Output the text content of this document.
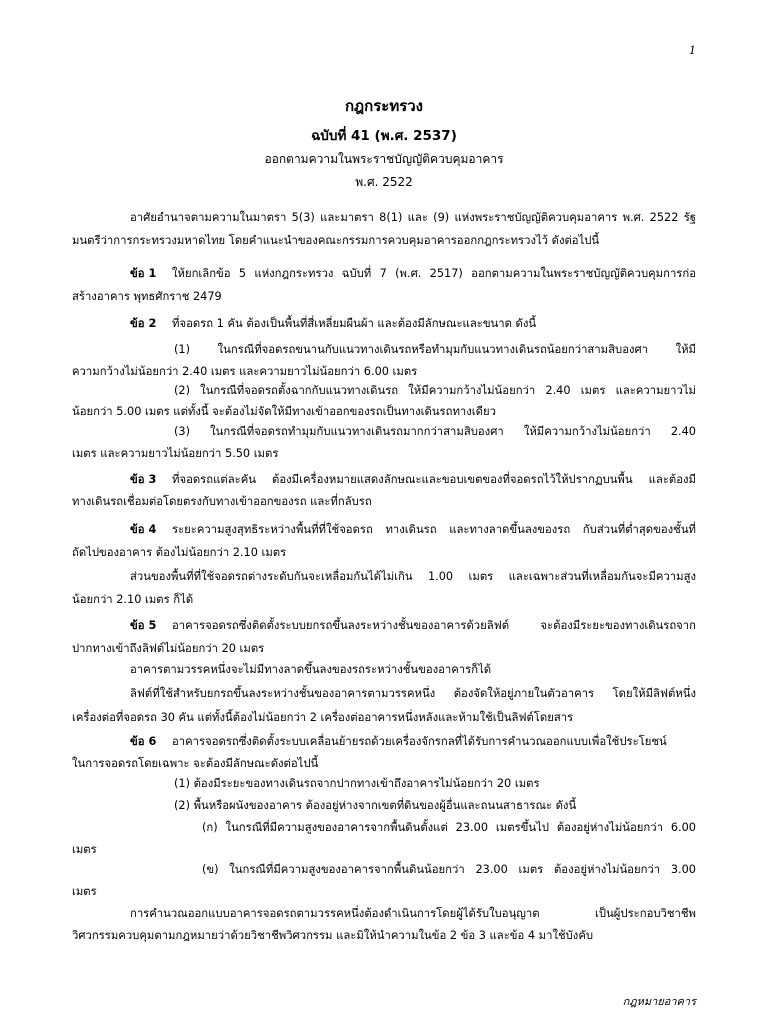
1
กฎกระทรวง
ฉบับที่ 41 (พ.ศ. 2537)
ออกตามความในพระราชบัญญัติควบคุมอาคาร
พ.ศ. 2522
อาศัยอำนาจตามความในมาตรา 5(3) และมาตรา 8(1) และ (9) แห่งพระราชบัญญัติควบคุมอาคาร พ.ศ. 2522 รัฐ
มนตรีว่าการกระทรวงมหาดไทย โดยคำแนะนำของคณะกรรมการควบคุมอาคารออกกฎกระทรวงไว้ ดังต่อไปนี้
ข้อ 1 ให้ยกเลิกข้อ 5 แห่งกฎกระทรวง ฉบับที่ 7 (พ.ศ. 2517) ออกตามความในพระราชบัญญัติควบคุมการก่อ
สร้างอาคาร พุทธศักราช 2479
ข้อ 2 ที่จอดรถ 1 คัน ต้องเป็นพื้นที่สี่เหลี่ยมผืนผ้า และต้องมีลักษณะและขนาด ดังนี้
(1) ในกรณีที่จอดรถขนานกับแนวทางเดินรถหรือทำมุมกับแนวทางเดินรถน้อยกว่าสามสิบองศา ให้มี
ความกว้างไม่น้อยกว่า 2.40 เมตร และความยาวไม่น้อยกว่า 6.00 เมตร
(2) ในกรณีที่จอดรถตั้งฉากกับแนวทางเดินรถ ให้มีความกว้างไม่น้อยกว่า 2.40 เมตร และความยาวไม่
น้อยกว่า 5.00 เมตร แต่ทั้งนี้ จะต้องไม่จัดให้มีทางเข้าออกของรถเป็นทางเดินรถทางเดียว
(3) ในกรณีที่จอดรถทำมุมกับแนวทางเดินรถมากกว่าสามสิบองศา ให้มีความกว้างไม่น้อยกว่า 2.40
เมตร และความยาวไม่น้อยกว่า 5.50 เมตร
ข้อ 3 ที่จอดรถแต่ละคัน ต้องมีเครื่องหมายแสดงลักษณะและขอบเขตของที่จอดรถไว้ให้ปรากฏบนพื้น และต้องมี
ทางเดินรถเชื่อมต่อโดยตรงกับทางเข้าออกของรถ และที่กลับรถ
ข้อ 4 ระยะความสูงสุทธิระหว่างพื้นที่ที่ใช้จอดรถ ทางเดินรถ และทางลาดขึ้นลงของรถ กับส่วนที่ต่ำสุดของชั้นที่
ถัดไปของอาคาร ต้องไม่น้อยกว่า 2.10 เมตร
ส่วนของพื้นที่ที่ใช้จอดรถต่างระดับกันจะเหลื่อมกันได้ไม่เกิน 1.00 เมตร และเฉพาะส่วนที่เหลื่อมกันจะมีความสูง
น้อยกว่า 2.10 เมตร ก็ได้
ข้อ 5 อาคารจอดรถซึ่งติดตั้งระบบยกรถขึ้นลงระหว่างชั้นของอาคารด้วยลิฟต์ จะต้องมีระยะของทางเดินรถจาก
ปากทางเข้าถึงลิฟต์ไม่น้อยกว่า 20 เมตร
อาคารตามวรรคหนึ่งจะไม่มีทางลาดขึ้นลงของรถระหว่างชั้นของอาคารก็ได้
ลิฟต์ที่ใช้สำหรับยกรถขึ้นลงระหว่างชั้นของอาคารตามวรรคหนึ่ง ต้องจัดให้อยู่ภายในตัวอาคาร โดยให้มีลิฟต์หนึ่ง
เครื่องต่อที่จอดรถ 30 คัน แต่ทั้งนี้ต้องไม่น้อยกว่า 2 เครื่องต่ออาคารหนึ่งหลังและห้ามใช้เป็นลิฟต์โดยสาร
ข้อ 6 อาคารจอดรถซึ่งติดตั้งระบบเคลื่อนย้ายรถด้วยเครื่องจักรกลที่ได้รับการคำนวณออกแบบเพื่อใช้ประโยชน์
ในการจอดรถโดยเฉพาะ จะต้องมีลักษณะดังต่อไปนี้
(1) ต้องมีระยะของทางเดินรถจากปากทางเข้าถึงอาคารไม่น้อยกว่า 20 เมตร
(2) พื้นหรือผนังของอาคาร ต้องอยู่ห่างจากเขตที่ดินของผู้อื่นและถนนสาธารณะ ดังนี้
(ก) ในกรณีที่มีความสูงของอาคารจากพื้นดินตั้งแต่ 23.00 เมตรขึ้นไป ต้องอยู่ห่างไม่น้อยกว่า 6.00
เมตร
(ข) ในกรณีที่มีความสูงของอาคารจากพื้นดินน้อยกว่า 23.00 เมตร ต้องอยู่ห่างไม่น้อยกว่า 3.00
เมตร
การคำนวณออกแบบอาคารจอดรถตามวรรคหนึ่งต้องดำเนินการโดยผู้ได้รับใบอนุญาต เป็นผู้ประกอบวิชาชีพ
วิศวกรรมควบคุมตามกฎหมายว่าด้วยวิชาชีพวิศวกรรม และมิให้นำความในข้อ 2 ข้อ 3 และข้อ 4 มาใช้บังคับ
กฎหมายอาคาร
